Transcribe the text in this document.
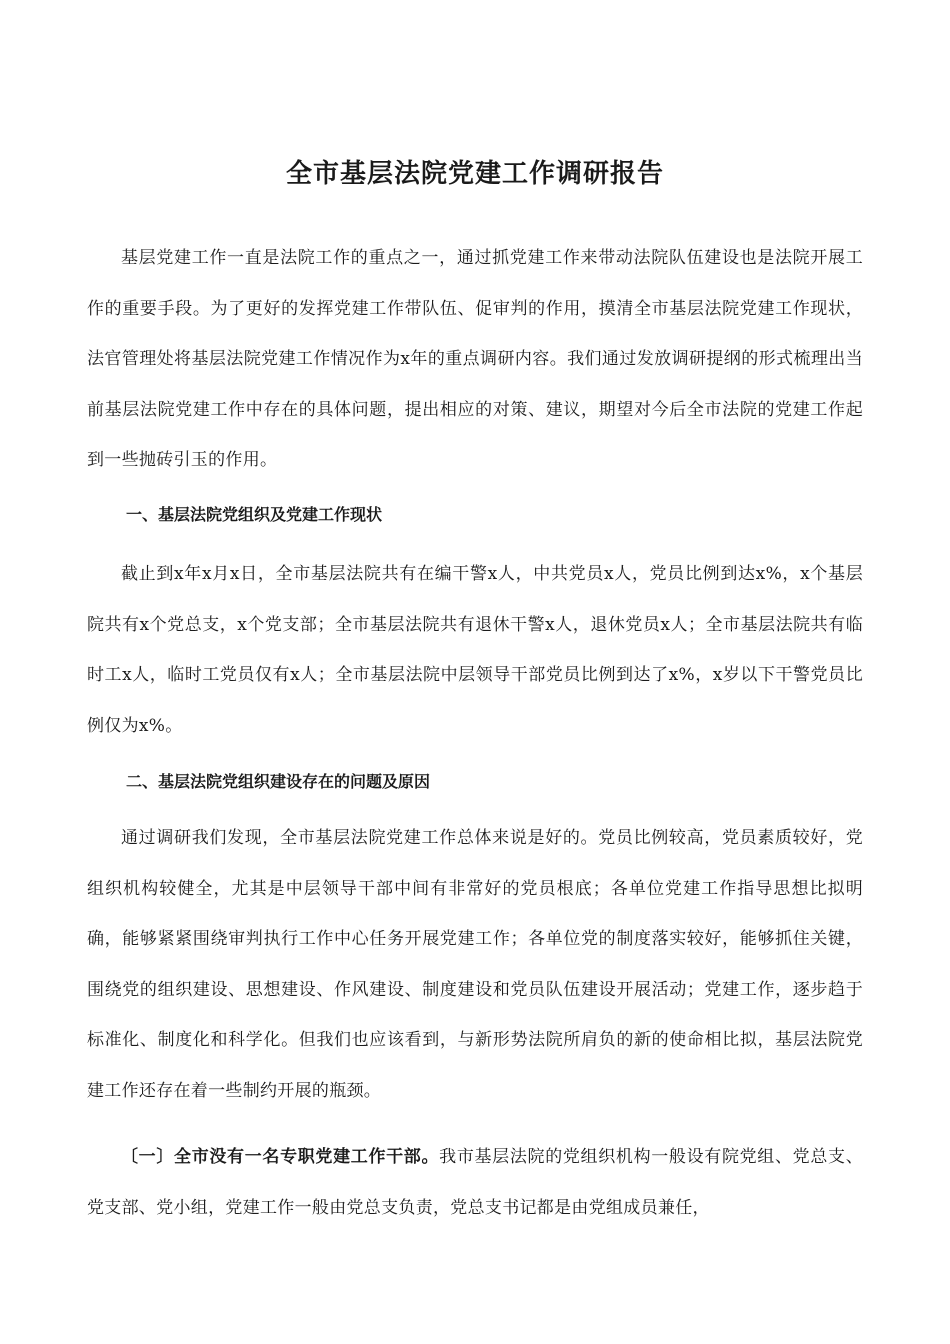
全市基层法院党建工作调研报告
基层党建工作一直是法院工作的重点之一，通过抓党建工作来带动法院队伍建设也是法院开展工作的重要手段。为了更好的发挥党建工作带队伍、促审判的作用，摸清全市基层法院党建工作现状，法官管理处将基层法院党建工作情况作为x年的重点调研内容。我们通过发放调研提纲的形式梳理出当前基层法院党建工作中存在的具体问题，提出相应的对策、建议，期望对今后全市法院的党建工作起到一些抛砖引玉的作用。
一、基层法院党组织及党建工作现状
截止到x年x月x日，全市基层法院共有在编干警x人，中共党员x人，党员比例到达x%，x个基层院共有x个党总支，x个党支部；全市基层法院共有退休干警x人，退休党员x人；全市基层法院共有临时工x人，临时工党员仅有x人；全市基层法院中层领导干部党员比例到达了x%，x岁以下干警党员比例仅为x%。
二、基层法院党组织建设存在的问题及原因
通过调研我们发现，全市基层法院党建工作总体来说是好的。党员比例较高，党员素质较好，党组织机构较健全，尤其是中层领导干部中间有非常好的党员根底；各单位党建工作指导思想比拟明确，能够紧紧围绕审判执行工作中心任务开展党建工作；各单位党的制度落实较好，能够抓住关键，围绕党的组织建设、思想建设、作风建设、制度建设和党员队伍建设开展活动；党建工作，逐步趋于标准化、制度化和科学化。但我们也应该看到，与新形势法院所肩负的新的使命相比拟，基层法院党建工作还存在着一些制约开展的瓶颈。
〔一〕全市没有一名专职党建工作干部。我市基层法院的党组织机构一般设有院党组、党总支、党支部、党小组，党建工作一般由党总支负责，党总支书记都是由党组成员兼任，
